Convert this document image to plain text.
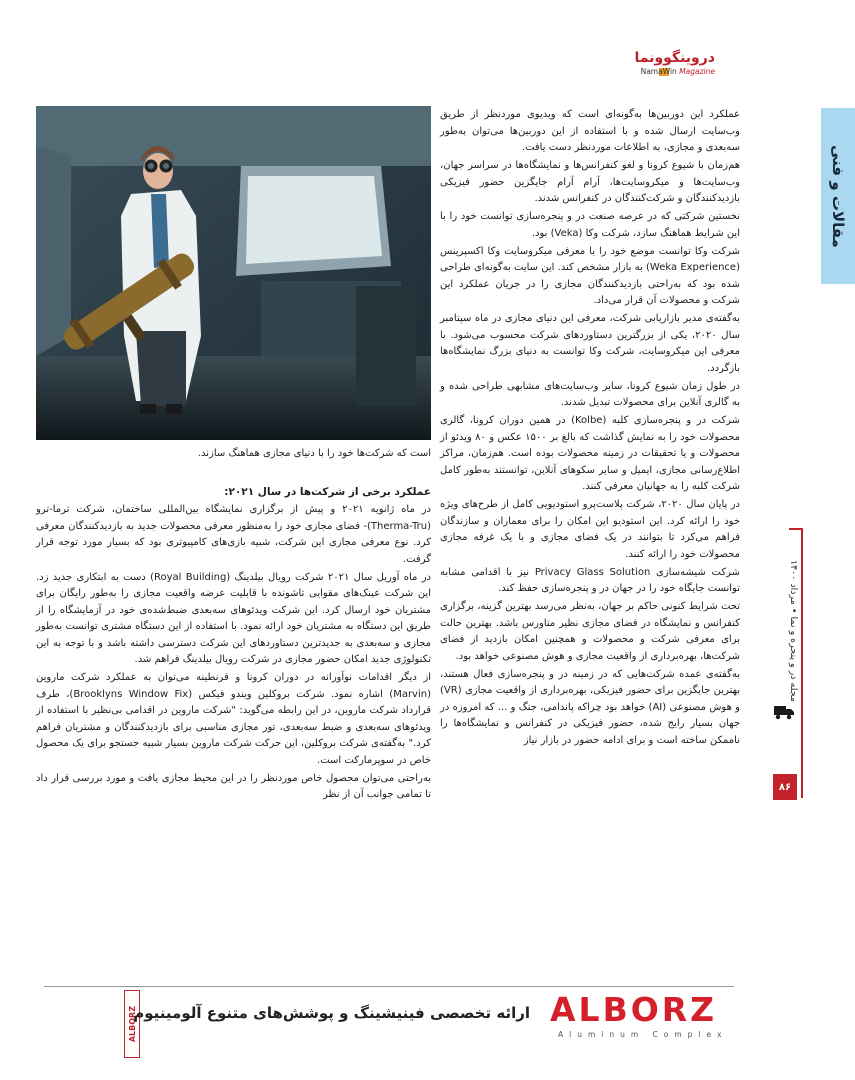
دروینگو‌ونما
NamaWin Magazine
مقالات و فنی
مجله در و پنجره و نما • مرداد ۱۴۰۰
۸۶

است که شرکت‌ها خود را با دنیای مجازی هماهنگ سازند.

عملکرد این دوربین‌ها به‌گونه‌ای است که ویدیوی موردنظر از طریق وب‌سایت ارسال شده و با استفاده از این دوربین‌ها می‌توان به‌طور سه‌بعدی و مجازی، به اطلاعات موردنظر دست یافت.

هم‌زمان با شیوع کرونا و لغو کنفرانس‌ها و نمایشگاه‌ها در سراسر جهان، وب‌سایت‌ها و میکروسایت‌ها، آرام آرام جایگزین حضور فیزیکی بازدیدکنندگان و شرکت‌کنندگان در کنفرانس شدند.

نخستین شرکتی که در عرصه صنعت در و پنجره‌سازی توانست خود را با این شرایط هماهنگ سازد، شرکت وکا (Veka) بود.

شرکت وکا توانست موضع خود را با معرفی میکروسایت وکا اکسپرینس (Weka Experience) به بازار مشخص کند. این سایت به‌گونه‌ای طراحی شده بود که به‌راحتی بازدیدکنندگان مجازی را در جریان عملکرد این شرکت و محصولات آن قرار می‌داد.

به‌گفته‌ی مدیر بازاریابی شرکت، معرفی این دنیای مجازی در ماه سپتامبر سال ۲۰۲۰، یکی از بزرگترین دستاوردهای شرکت محسوب می‌شود. با معرفی این میکروسایت، شرکت وکا توانست به دنیای بزرگ نمایشگاه‌ها بازگردد.

در طول زمان شیوع کرونا، سایر وب‌سایت‌های مشابهی طراحی شده و به گالری آنلاین برای محصولات تبدیل شدند.

شرکت در و پنجره‌سازی کلبه (Kolbe) در همین دوران کرونا، گالری محصولات خود را به نمایش گذاشت که بالغ بر ۱۵۰۰ عکس و ۸۰ ویدئو از محصولات و یا تحقیقات در زمینه محصولات بوده است. هم‌زمان، مراکز اطلاع‌رسانی مجازی، ایمیل و سایر سکوهای آنلاین، توانستند به‌طور کامل شرکت کلبه را به جهانیان معرفی کنند.

در پایان سال ۲۰۲۰، شرکت پلاست‌پرو استودیویی کامل از طرح‌های ویژه خود را ارائه کرد. این استودیو این امکان را برای معماران و سازندگان فراهم می‌کرد تا بتوانند در یک فضای مجازی و با یک غرفه مجازی محصولات خود را ارائه کنند.

شرکت شیشه‌سازی Privacy Glass Solution نیز با اقدامی مشابه توانست جایگاه خود را در جهان در و پنجره‌سازی حفظ کند.

تحت شرایط کنونی حاکم بر جهان، به‌نظر می‌رسد بهترین گزینه، برگزاری کنفرانس و نمایشگاه در فضای مجازی نظیر متاورس باشد. بهترین حالت برای معرفی شرکت و محصولات و همچنین امکان بازدید از فضای شرکت‌ها، بهره‌برداری از واقعیت مجازی و هوش مصنوعی خواهد بود.

به‌گفته‌ی عمده شرکت‌هایی که در زمینه در و پنجره‌سازی فعال هستند، بهترین جایگزین برای حضور فیزیکی، بهره‌برداری از واقعیت مجازی (VR) و هوش مصنوعی (AI) خواهد بود چراکه پاندامی، جنگ و ... که امروزه در جهان بسیار رایج شده، حضور فیزیکی در کنفرانس و نمایشگاه‌ها را ناممکن ساخته است و برای ادامه حضور در بازار نیاز

عملکرد برخی از شرکت‌ها در سال ۲۰۲۱:

در ماه ژانویه ۲۰۲۱ و پیش از برگزاری نمایشگاه بین‌المللی ساختمان، شرکت ترما-ترو (Therma-Tru)- فضای مجازی خود را به‌منظور معرفی محصولات جدید به بازدیدکنندگان معرفی کرد. نوع معرفی مجازی این شرکت، شبیه بازی‌های کامپیوتری بود که بسیار مورد توجه قرار گرفت.

در ماه آوریل سال ۲۰۲۱ شرکت رویال بیلدینگ (Royal Building) دست به ابتکاری جدید زد. این شرکت عینک‌های مقوایی تاشونده با قابلیت عرضه واقعیت مجازی را به‌طور رایگان برای مشتریان خود ارسال کرد. این شرکت ویدئوهای سه‌بعدی ضبط‌شده‌ی خود در آزمایشگاه را از طریق این دستگاه به مشتریان خود ارائه نمود. با استفاده از این دستگاه مشتری توانست به‌طور مجازی و سه‌بعدی به جدیدترین دستاوردهای این شرکت دسترسی داشته باشد و با توجه به این تکنولوژی جدید امکان حضور مجازی در شرکت رویال بیلدینگ فراهم شد.

از دیگر اقدامات نوآورانه در دوران کرونا و قرنطینه می‌توان به عملکرد شرکت ماروین (Marvin) اشاره نمود. شرکت بروکلین ویندو فیکس (Brooklyns Window Fix)، طرف قرارداد شرکت ماروین، در این رابطه می‌گوید: "شرکت ماروین در اقدامی بی‌نظیر با استفاده از ویدئوهای سه‌بعدی و ضبط سه‌بعدی، تور مجازی مناسبی برای بازدیدکنندگان و مشتریان فراهم کرد." به‌گفته‌ی شرکت بروکلین، این حرکت شرکت ماروین بسیار شبیه جستجو برای یک محصول خاص در سوپرمارکت است.

به‌راحتی می‌توان محصول خاص موردنظر را در این محیط مجازی یافت و مورد بررسی قرار داد تا تمامی جوانب آن از نظر

ALBORZ

ارائه تخصصی فینیشینگ و پوشش‌های متنوع آلومینیوم ALBORZ
Aluminum Complex
